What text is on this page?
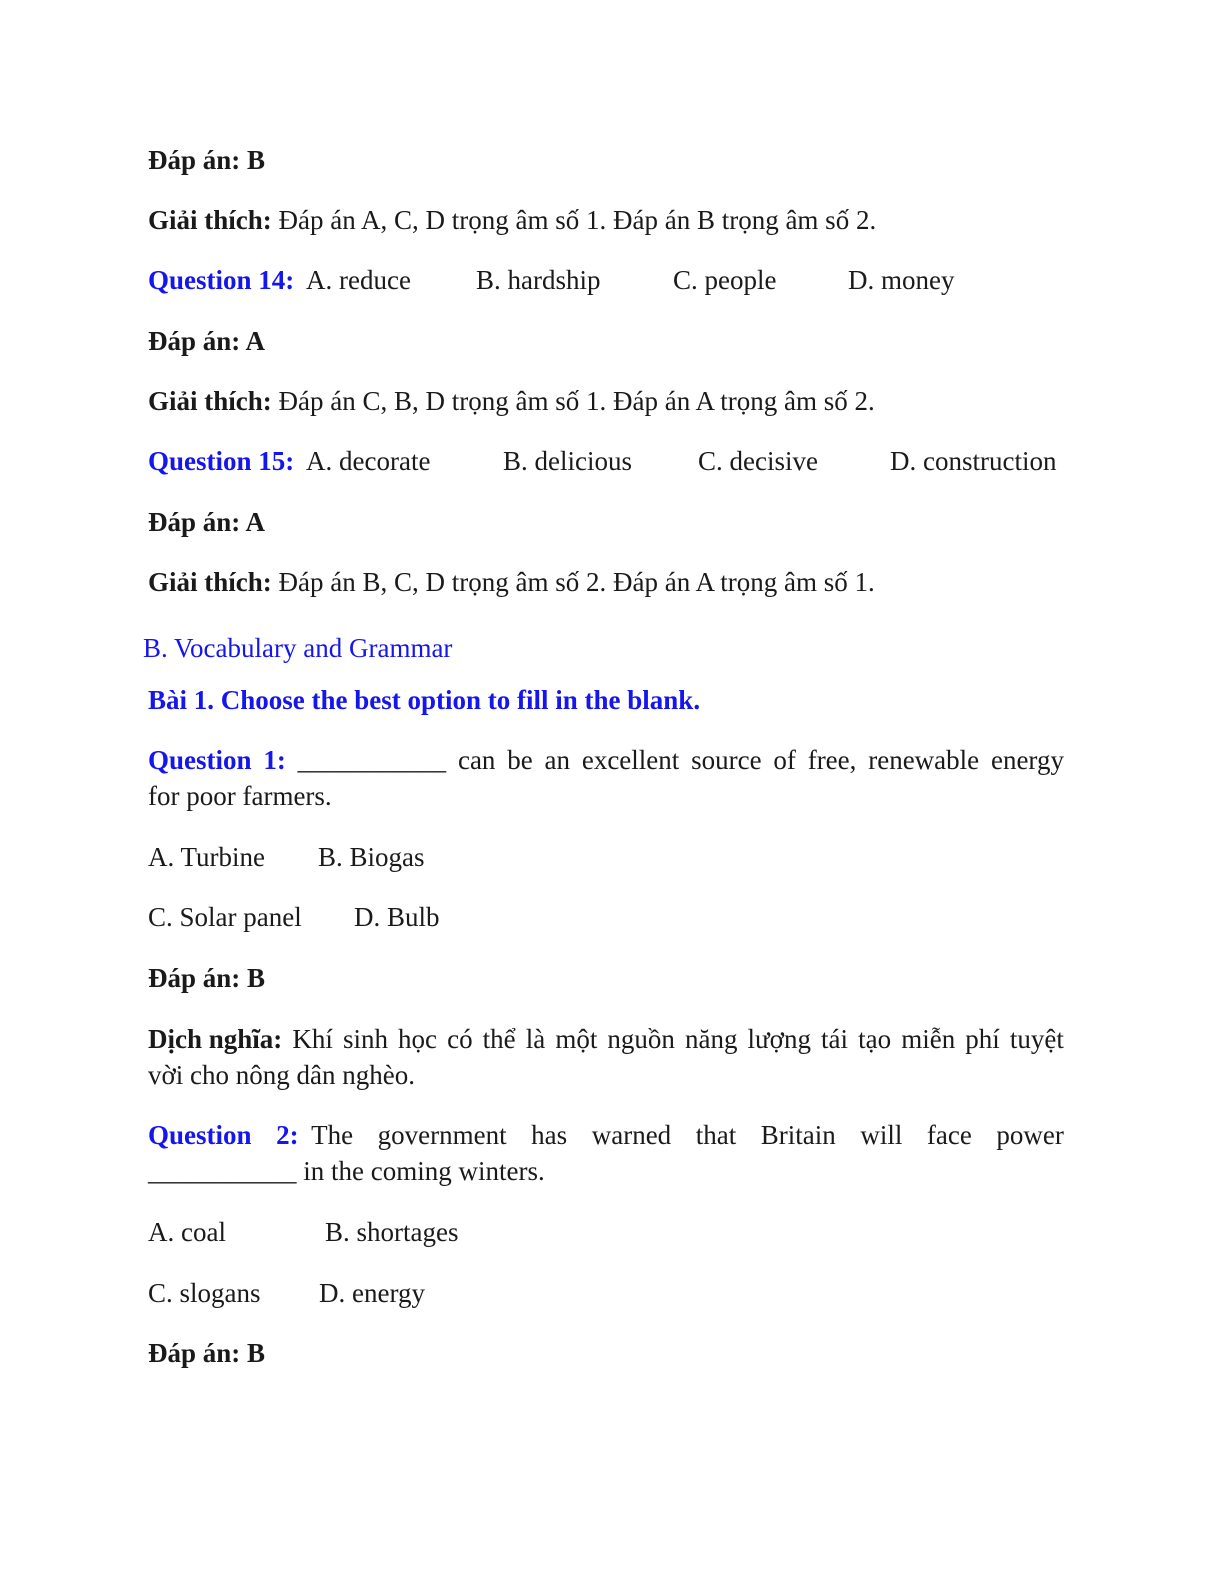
Đáp án: B
Giải thích: Đáp án A, C, D trọng âm số 1. Đáp án B trọng âm số 2.
Question 14: A. reduce B. hardship	C. people	D. money
Đáp án: A
Giải thích: Đáp án C, B, D trọng âm số 1. Đáp án A trọng âm số 2.
Question 15: A. decorate	B. delicious C. decisive	D. construction
Đáp án: A
Giải thích: Đáp án B, C, D trọng âm số 2. Đáp án A trọng âm số 1.
B. Vocabulary and Grammar
Bài 1. Choose the best option to fill in the blank.
Question 1: ___________ can be an excellent source of free, renewable energy
for poor farmers.
A. Turbine B. Biogas
C. Solar panel D. Bulb
Đáp án: B
Dịch nghĩa: Khí sinh học có thể là một nguồn năng lượng tái tạo miễn phí tuyệt
vời cho nông dân nghèo.
Question 2: The government has warned that Britain will face power
___________ in the coming winters.
A. coal	B. shortages
C. slogans D. energy
Đáp án: B
